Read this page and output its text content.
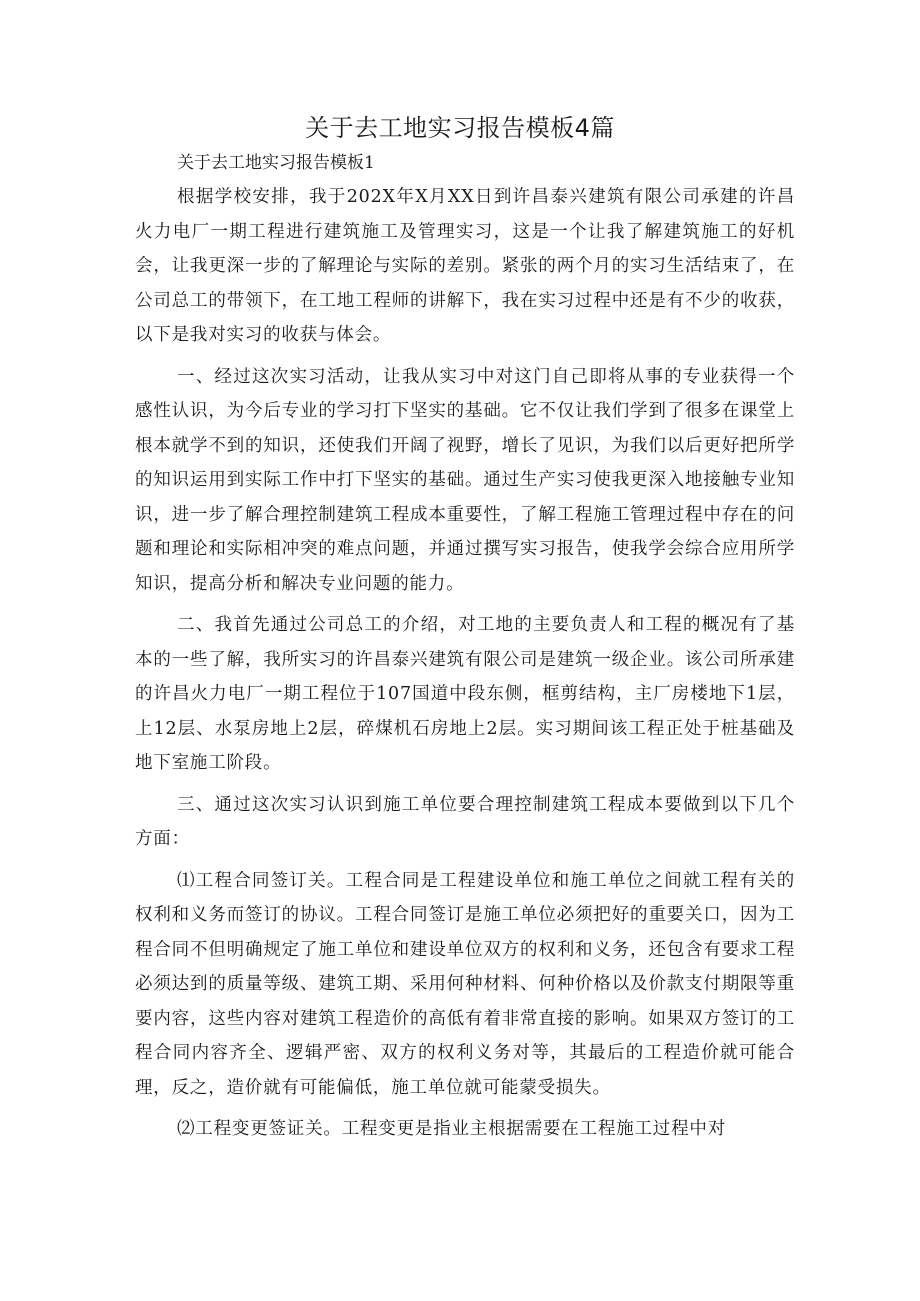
关于去工地实习报告模板4篇
关于去工地实习报告模板1

根据学校安排，我于202X年X月XX日到许昌泰兴建筑有限公司承建的许昌火力电厂一期工程进行建筑施工及管理实习，这是一个让我了解建筑施工的好机会，让我更深一步的了解理论与实际的差别。紧张的两个月的实习生活结束了，在公司总工的带领下，在工地工程师的讲解下，我在实习过程中还是有不少的收获，以下是我对实习的收获与体会。

一、经过这次实习活动，让我从实习中对这门自己即将从事的专业获得一个感性认识，为今后专业的学习打下坚实的基础。它不仅让我们学到了很多在课堂上根本就学不到的知识，还使我们开阔了视野，增长了见识，为我们以后更好把所学的知识运用到实际工作中打下坚实的基础。通过生产实习使我更深入地接触专业知识，进一步了解合理控制建筑工程成本重要性，了解工程施工管理过程中存在的问题和理论和实际相冲突的难点问题，并通过撰写实习报告，使我学会综合应用所学知识，提高分析和解决专业问题的能力。

二、我首先通过公司总工的介绍，对工地的主要负责人和工程的概况有了基本的一些了解，我所实习的许昌泰兴建筑有限公司是建筑一级企业。该公司所承建的许昌火力电厂一期工程位于107国道中段东侧，框剪结构，主厂房楼地下1层，上12层、水泵房地上2层，碎煤机石房地上2层。实习期间该工程正处于桩基础及地下室施工阶段。

三、通过这次实习认识到施工单位要合理控制建筑工程成本要做到以下几个方面：

⑴工程合同签订关。工程合同是工程建设单位和施工单位之间就工程有关的权利和义务而签订的协议。工程合同签订是施工单位必须把好的重要关口，因为工程合同不但明确规定了施工单位和建设单位双方的权利和义务，还包含有要求工程必须达到的质量等级、建筑工期、采用何种材料、何种价格以及价款支付期限等重要内容，这些内容对建筑工程造价的高低有着非常直接的影响。如果双方签订的工程合同内容齐全、逻辑严密、双方的权利义务对等，其最后的工程造价就可能合理，反之，造价就有可能偏低，施工单位就可能蒙受损失。

⑵工程变更签证关。工程变更是指业主根据需要在工程施工过程中对
